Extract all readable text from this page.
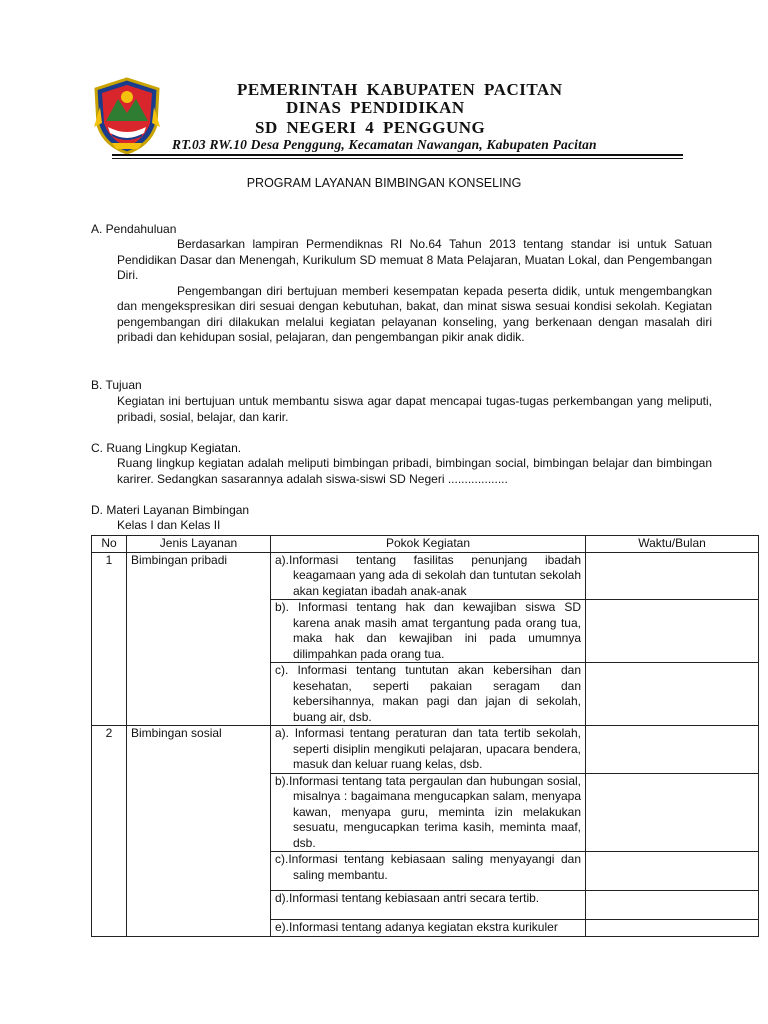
PEMERINTAH KABUPATEN PACITAN
DINAS PENDIDIKAN
SD NEGERI 4 PENGGUNG
RT.03 RW.10 Desa Penggung, Kecamatan Nawangan, Kabupaten Pacitan
PROGRAM LAYANAN BIMBINGAN KONSELING
A. Pendahuluan

Berdasarkan lampiran Permendiknas RI No.64 Tahun 2013 tentang standar isi untuk Satuan Pendidikan Dasar dan Menengah, Kurikulum SD memuat 8 Mata Pelajaran, Muatan Lokal, dan Pengembangan Diri.

Pengembangan diri bertujuan memberi kesempatan kepada peserta didik, untuk mengembangkan dan mengekspresikan diri sesuai dengan kebutuhan, bakat, dan minat siswa sesuai kondisi sekolah. Kegiatan pengembangan diri dilakukan melalui kegiatan pelayanan konseling, yang berkenaan dengan masalah diri pribadi dan kehidupan sosial, pelajaran, dan pengembangan pikir anak didik.

B. Tujuan

Kegiatan ini bertujuan untuk membantu siswa agar dapat mencapai tugas-tugas perkembangan yang meliputi, pribadi, sosial, belajar, dan karir.

C. Ruang Lingkup Kegiatan.

Ruang lingkup kegiatan adalah meliputi bimbingan pribadi, bimbingan social, bimbingan belajar dan bimbingan karirer. Sedangkan sasarannya adalah siswa-siswi SD Negeri ..................

D. Materi Layanan Bimbingan
Kelas I dan Kelas II
No	Jenis Layanan	Pokok Kegiatan	Waktu/Bulan
1	Bimbingan pribadi	a).Informasi tentang fasilitas penunjang ibadah keagamaan yang ada di sekolah dan tuntutan sekolah akan kegiatan ibadah anak-anak	

		b). Informasi tentang hak dan kewajiban siswa SD karena anak masih amat tergantung pada orang tua, maka hak dan kewajiban ini pada umumnya dilimpahkan pada orang tua.	

		c). Informasi tentang tuntutan akan kebersihan dan kesehatan, seperti pakaian seragam dan kebersihannya, makan pagi dan jajan di sekolah, buang air, dsb.	

2	Bimbingan sosial	a). Informasi tentang peraturan dan tata tertib sekolah, seperti disiplin mengikuti pelajaran, upacara bendera, masuk dan keluar ruang kelas, dsb.	

		b).Informasi tentang tata pergaulan dan hubungan sosial, misalnya : bagaimana mengucapkan salam, menyapa kawan, menyapa guru, meminta izin melakukan sesuatu, mengucapkan terima kasih, meminta maaf, dsb.	

		c).Informasi tentang kebiasaan saling menyayangi dan saling membantu.	

		d).Informasi tentang kebiasaan antri secara tertib.	

		e).Informasi tentang adanya kegiatan ekstra kurikuler	
